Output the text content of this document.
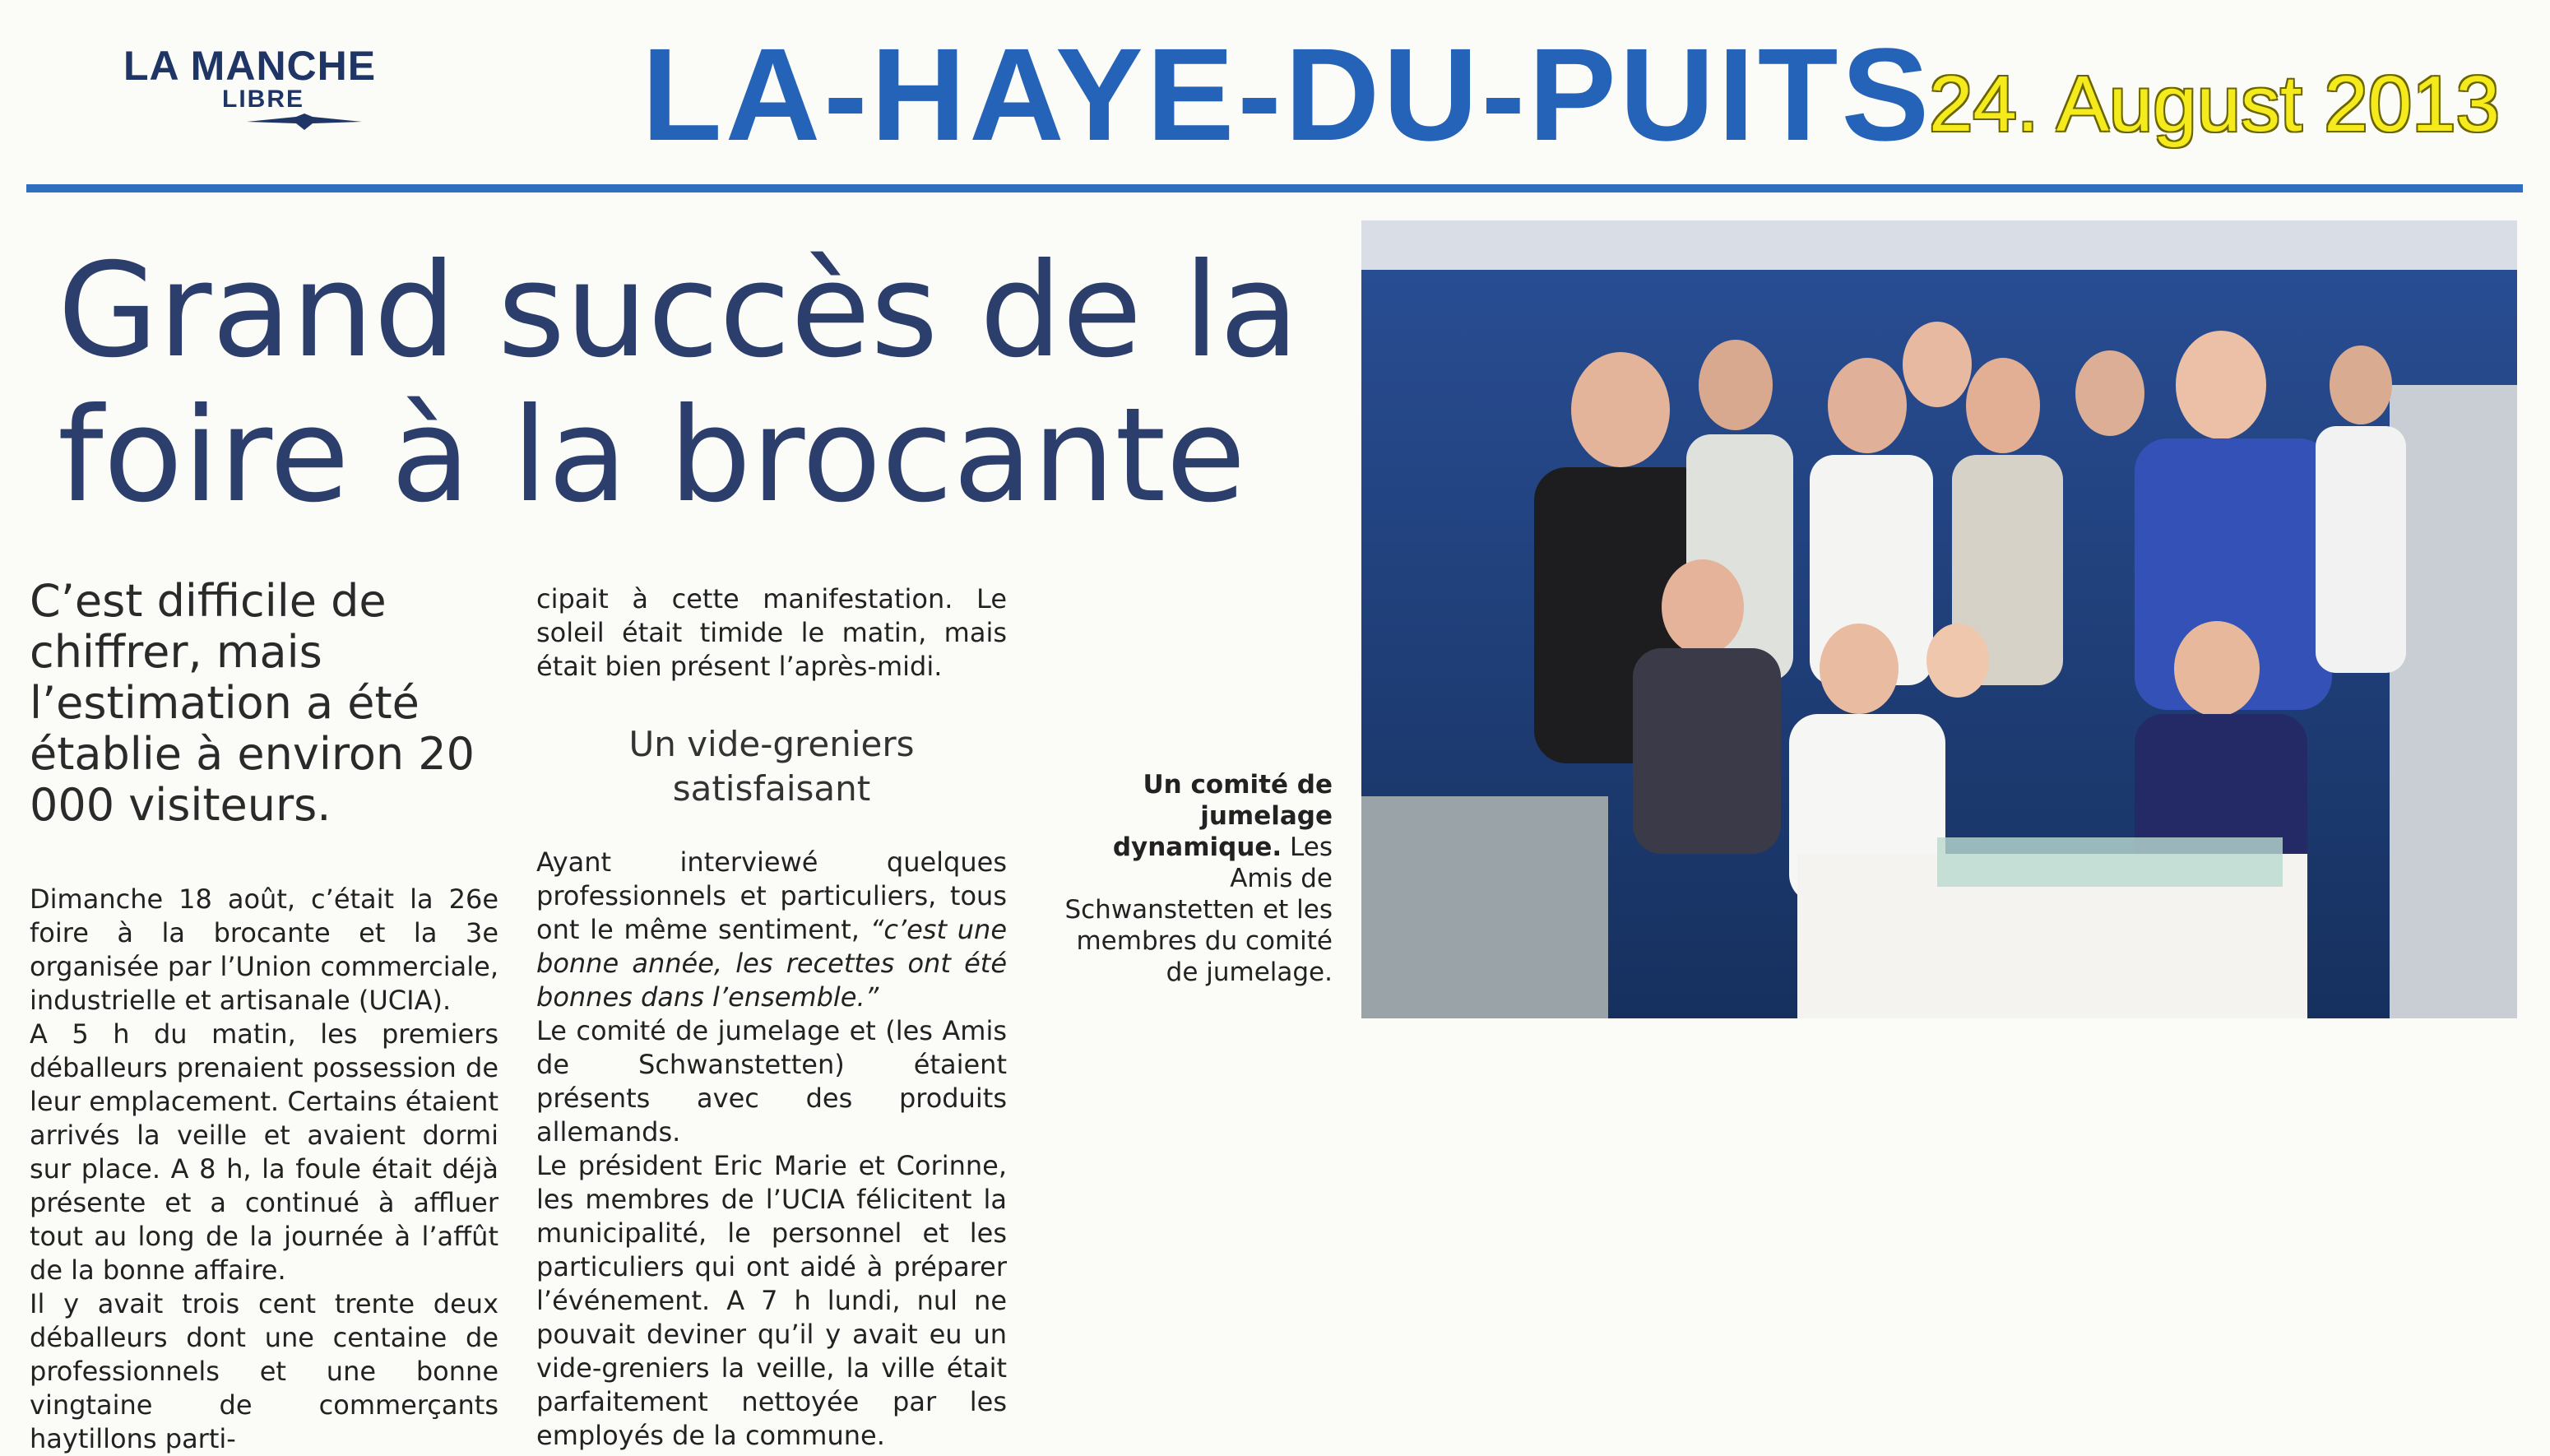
LA MANCHE
LIBRE	LA-HAYE-DU-PUITS
24. August 2013
Grand succès de la
foire à la brocante
C’est difficile de chiffrer, mais l’estimation a été établie à environ 20 000 visiteurs.

Dimanche 18 août, c’était la 26e foire à la brocante et la 3e organisée par l’Union commerciale, industrielle et artisanale (UCIA).

A 5 h du matin, les premiers déballeurs prenaient possession de leur emplacement. Certains étaient arrivés la veille et avaient dormi sur place. A 8 h, la foule était déjà présente et a continué à affluer tout au long de la journée à l’affût de la bonne affaire.

Il y avait trois cent trente deux déballeurs dont une centaine de professionnels et une bonne vingtaine de commerçants haytillons parti-

cipait à cette manifestation. Le soleil était timide le matin, mais était bien présent l’après-midi.

Un vide-greniers
satisfaisant

Ayant interviewé quelques professionnels et particuliers, tous ont le même sentiment, “c’est une bonne année, les recettes ont été bonnes dans l’ensemble.”

Le comité de jumelage et (les Amis de Schwanstetten) étaient présents avec des produits allemands.

Le président Eric Marie et Corinne, les membres de l’UCIA félicitent la municipalité, le personnel et les particuliers qui ont aidé à préparer l’événement. A 7 h lundi, nul ne pouvait deviner qu’il y avait eu un vide-greniers la veille, la ville était parfaitement nettoyée par les employés de la commune.

Un comité de jumelage dynamique. Les Amis de Schwanstetten et les membres du comité de jumelage.
